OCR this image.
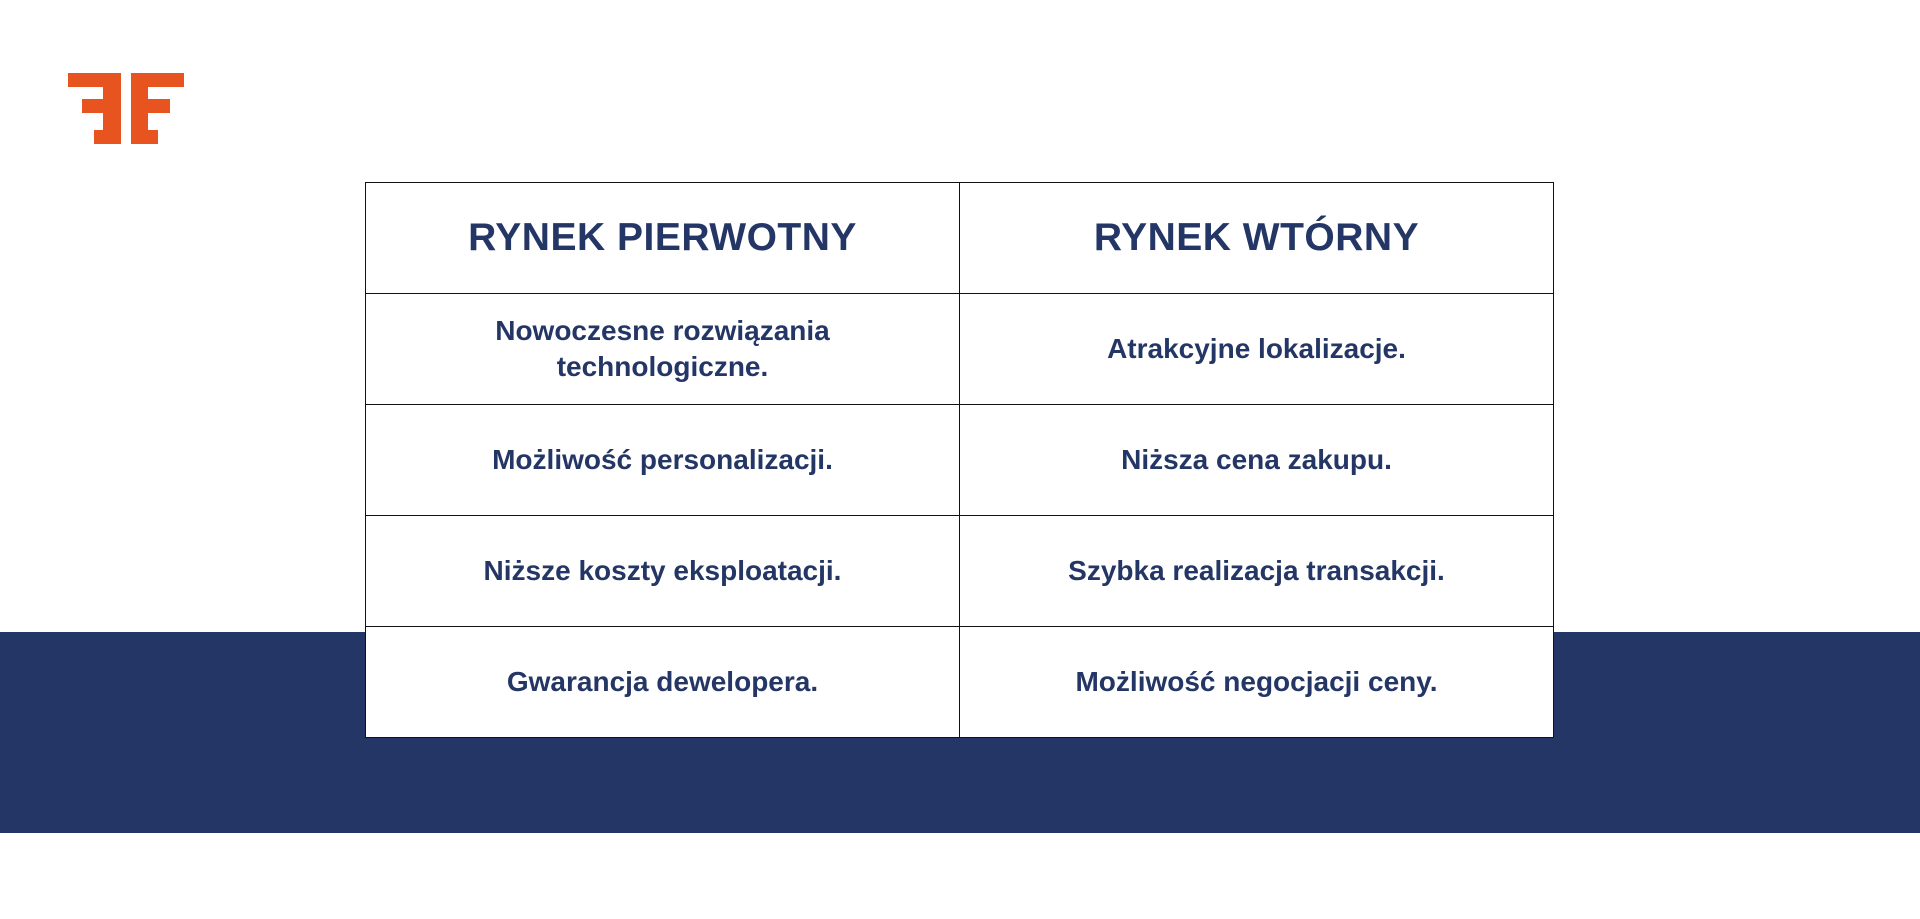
RYNEK PIERWOTNY	RYNEK WTÓRNY
Nowoczesne rozwiązania technologiczne.	Atrakcyjne lokalizacje.
Możliwość personalizacji.	Niższa cena zakupu.
Niższe koszty eksploatacji.	Szybka realizacja transakcji.
Gwarancja dewelopera.	Możliwość negocjacji ceny.
